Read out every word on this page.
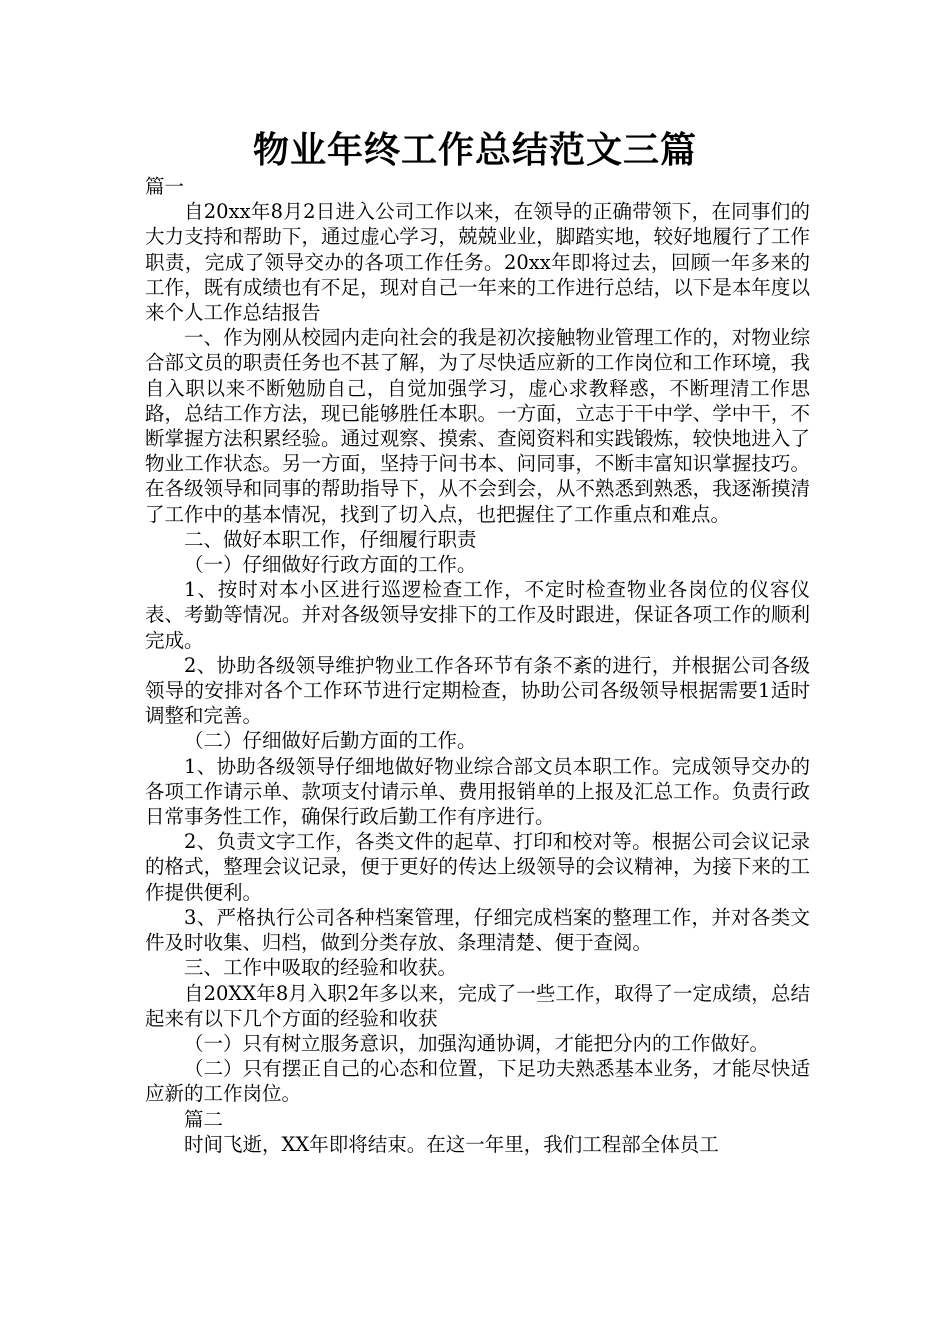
物业年终工作总结范文三篇

篇一

自20xx年8月2日进入公司工作以来，在领导的正确带领下，在同事们的大力支持和帮助下，通过虚心学习，兢兢业业，脚踏实地，较好地履行了工作职责，完成了领导交办的各项工作任务。20xx年即将过去，回顾一年多来的工作，既有成绩也有不足，现对自己一年来的工作进行总结，以下是本年度以来个人工作总结报告

一、作为刚从校园内走向社会的我是初次接触物业管理工作的，对物业综合部文员的职责任务也不甚了解，为了尽快适应新的工作岗位和工作环境，我自入职以来不断勉励自己，自觉加强学习，虚心求教释惑，不断理清工作思路，总结工作方法，现已能够胜任本职。一方面，立志于干中学、学中干，不断掌握方法积累经验。通过观察、摸索、查阅资料和实践锻炼，较快地进入了物业工作状态。另一方面，坚持于问书本、问同事，不断丰富知识掌握技巧。在各级领导和同事的帮助指导下，从不会到会，从不熟悉到熟悉，我逐渐摸清了工作中的基本情况，找到了切入点，也把握住了工作重点和难点。

二、做好本职工作，仔细履行职责

（一）仔细做好行政方面的工作。

1、按时对本小区进行巡逻检查工作，不定时检查物业各岗位的仪容仪表、考勤等情况。并对各级领导安排下的工作及时跟进，保证各项工作的顺利完成。

2、协助各级领导维护物业工作各环节有条不紊的进行，并根据公司各级领导的安排对各个工作环节进行定期检查，协助公司各级领导根据需要1适时调整和完善。

（二）仔细做好后勤方面的工作。

1、协助各级领导仔细地做好物业综合部文员本职工作。完成领导交办的各项工作请示单、款项支付请示单、费用报销单的上报及汇总工作。负责行政日常事务性工作，确保行政后勤工作有序进行。

2、负责文字工作，各类文件的起草、打印和校对等。根据公司会议记录的格式，整理会议记录，便于更好的传达上级领导的会议精神，为接下来的工作提供便利。

3、严格执行公司各种档案管理，仔细完成档案的整理工作，并对各类文件及时收集、归档，做到分类存放、条理清楚、便于查阅。

三、工作中吸取的经验和收获。

自20XX年8月入职2年多以来，完成了一些工作，取得了一定成绩，总结起来有以下几个方面的经验和收获

（一）只有树立服务意识，加强沟通协调，才能把分内的工作做好。

（二）只有摆正自己的心态和位置，下足功夫熟悉基本业务，才能尽快适应新的工作岗位。

篇二

时间飞逝，XX年即将结束。在这一年里，我们工程部全体员工
